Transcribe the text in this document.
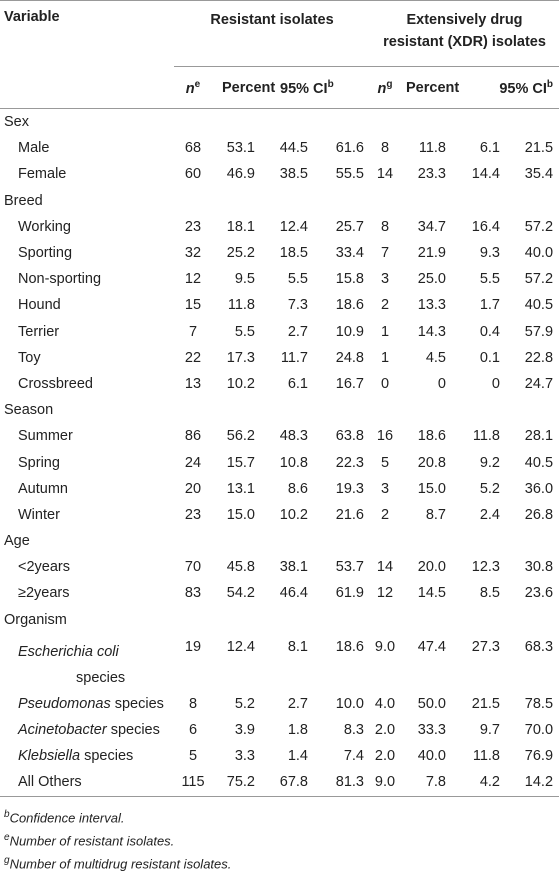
Variable	Resistant isolates	Extensively drug
resistant (XDR) isolates
	$n^e$	Percent	95% $CI^b$	$n^g$	Percent	95% $CI^b$
Sex
Male	68	53.1	44.5	61.6	8	11.8	6.1	21.5
Female	60	46.9	38.5	55.5	14	23.3	14.4	35.4
Breed
Working	23	18.1	12.4	25.7	8	34.7	16.4	57.2
Sporting	32	25.2	18.5	33.4	7	21.9	9.3	40.0
Non-sporting	12	9.5	5.5	15.8	3	25.0	5.5	57.2
Hound	15	11.8	7.3	18.6	2	13.3	1.7	40.5
Terrier	7	5.5	2.7	10.9	1	14.3	0.4	57.9
Toy	22	17.3	11.7	24.8	1	4.5	0.1	22.8
Crossbreed	13	10.2	6.1	16.7	0	0	0	24.7
Season
Summer	86	56.2	48.3	63.8	16	18.6	11.8	28.1
Spring	24	15.7	10.8	22.3	5	20.8	9.2	40.5
Autumn	20	13.1	8.6	19.3	3	15.0	5.2	36.0
Winter	23	15.0	10.2	21.6	2	8.7	2.4	26.8
Age
<2years	70	45.8	38.1	53.7	14	20.0	12.3	30.8
≥2years	83	54.2	46.4	61.9	12	14.5	8.5	23.6
Organism
Escherichia coli
species	19	12.4	8.1	18.6	9.0	47.4	27.3	68.3
Pseudomonas species	8	5.2	2.7	10.0	4.0	50.0	21.5	78.5
Acinetobacter species	6	3.9	1.8	8.3	2.0	33.3	9.7	70.0
Klebsiella species	5	3.3	1.4	7.4	2.0	40.0	11.8	76.9
All Others	115	75.2	67.8	81.3	9.0	7.8	4.2	14.2
$^b$Confidence interval.
$^e$Number of resistant isolates.
$^g$Number of multidrug resistant isolates.
